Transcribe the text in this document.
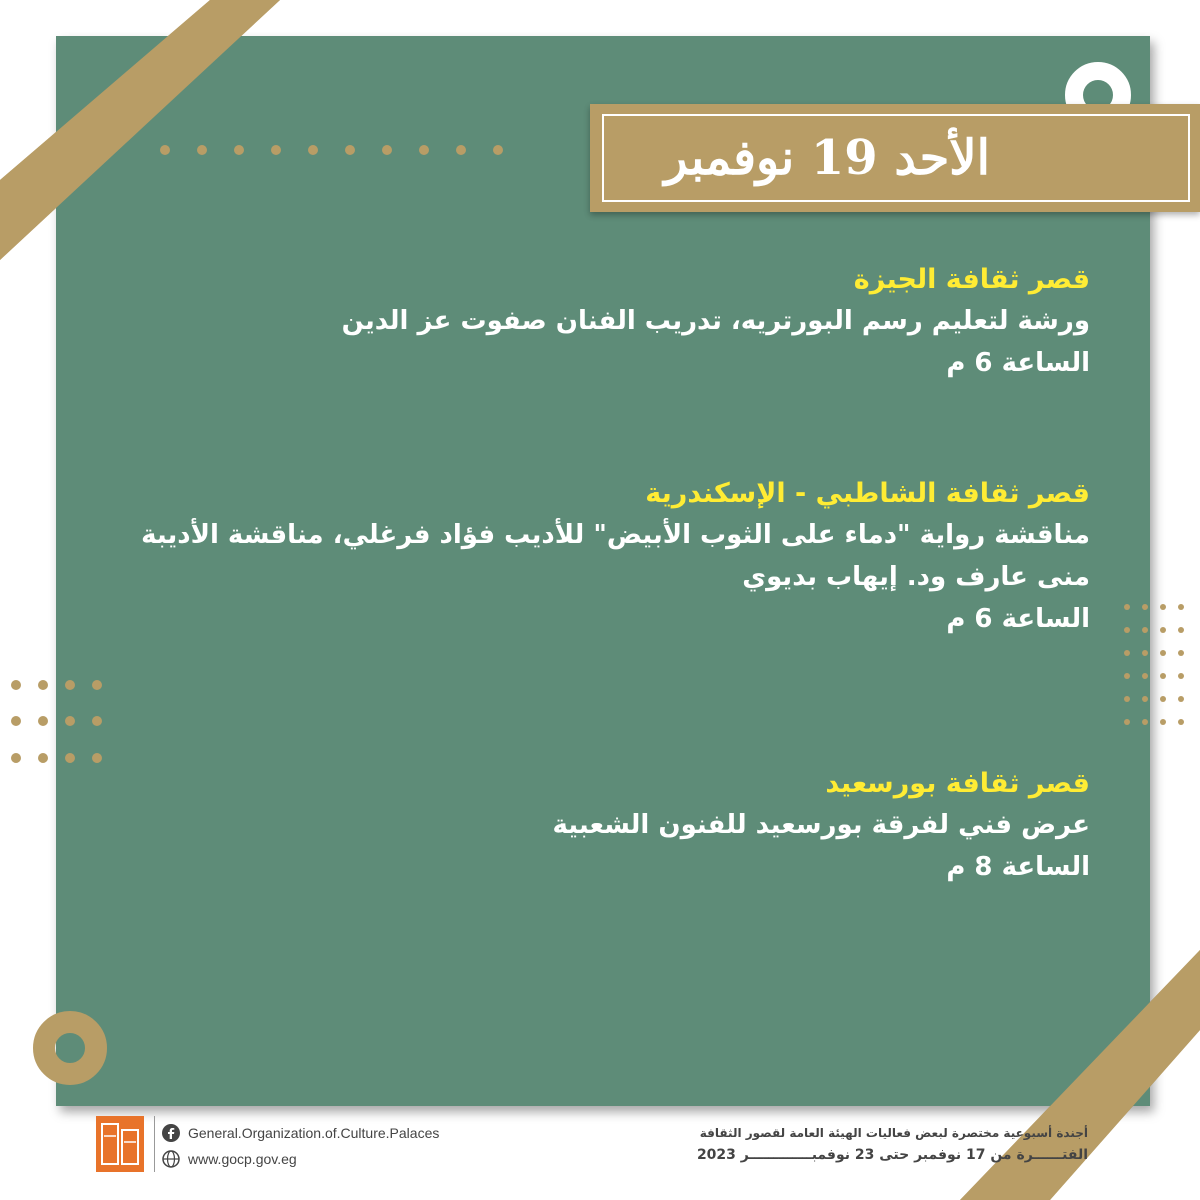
الأحد 19 نوفمبر

قصر ثقافة الجيزة

ورشة لتعليم رسم البورتريه، تدريب الفنان صفوت عز الدين

الساعة 6 م

قصر ثقافة الشاطبي - الإسكندرية

مناقشة رواية "دماء على الثوب الأبيض" للأديب فؤاد فرغلي، مناقشة الأديبة

منى عارف ود. إيهاب بديوي

الساعة 6 م

قصر ثقافة بورسعيد

عرض فني لفرقة بورسعيد للفنون الشعبية

الساعة 8 م

General.Organization.of.Culture.Palaces
www.gocp.gov.eg

أجندة أسبوعية مختصرة لبعض فعاليات الهيئة العامة لقصور الثقافة

الفتــــــرة من 17 نوفمبر حتى 23 نوفمبـــــــــــــر 2023
